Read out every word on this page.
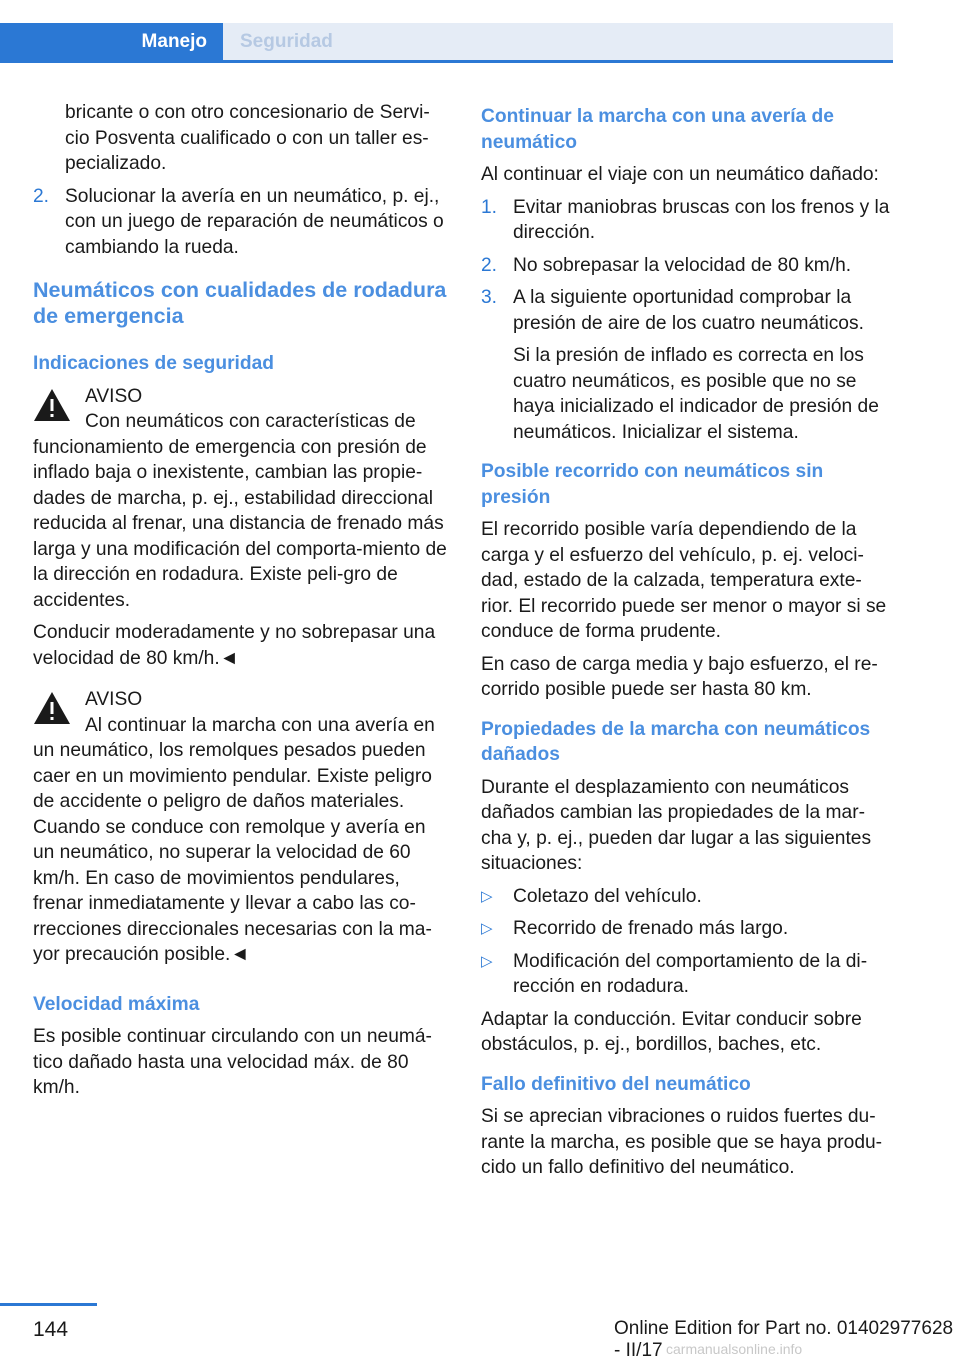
Manejo	Seguridad
bricante o con otro concesionario de Servi-cio Posventa cualificado o con un taller es-pecializado.
2. Solucionar la avería en un neumático, p. ej., con un juego de reparación de neumáticos o cambiando la rueda.
Neumáticos con cualidades de rodadura de emergencia
Indicaciones de seguridad
AVISO
Con neumáticos con características de funcionamiento de emergencia con presión de inflado baja o inexistente, cambian las propie-dades de marcha, p. ej., estabilidad direccional reducida al frenar, una distancia de frenado más larga y una modificación del comporta-miento de la dirección en rodadura. Existe peli-gro de accidentes.
Conducir moderadamente y no sobrepasar una velocidad de 80 km/h.◄
AVISO
Al continuar la marcha con una avería en un neumático, los remolques pesados pueden caer en un movimiento pendular. Existe peligro de accidente o peligro de daños materiales. Cuando se conduce con remolque y avería en un neumático, no superar la velocidad de 60 km/h. En caso de movimientos pendulares, frenar inmediatamente y llevar a cabo las co-rrecciones direccionales necesarias con la ma-yor precaución posible.◄
Velocidad máxima
Es posible continuar circulando con un neumá-tico dañado hasta una velocidad máx. de 80 km/h.
Continuar la marcha con una avería de neumático
Al continuar el viaje con un neumático dañado:
1. Evitar maniobras bruscas con los frenos y la dirección.
2. No sobrepasar la velocidad de 80 km/h.
3. A la siguiente oportunidad comprobar la presión de aire de los cuatro neumáticos.
Si la presión de inflado es correcta en los cuatro neumáticos, es posible que no se haya inicializado el indicador de presión de neumáticos. Inicializar el sistema.
Posible recorrido con neumáticos sin presión
El recorrido posible varía dependiendo de la carga y el esfuerzo del vehículo, p. ej. veloci-dad, estado de la calzada, temperatura exte-rior. El recorrido puede ser menor o mayor si se conduce de forma prudente.
En caso de carga media y bajo esfuerzo, el re-corrido posible puede ser hasta 80 km.
Propiedades de la marcha con neumáticos dañados
Durante el desplazamiento con neumáticos dañados cambian las propiedades de la mar-cha y, p. ej., pueden dar lugar a las siguientes situaciones:
▷ Coletazo del vehículo.
▷ Recorrido de frenado más largo.
▷ Modificación del comportamiento de la di-rección en rodadura.
Adaptar la conducción. Evitar conducir sobre obstáculos, p. ej., bordillos, baches, etc.
Fallo definitivo del neumático
Si se aprecian vibraciones o ruidos fuertes du-rante la marcha, es posible que se haya produ-cido un fallo definitivo del neumático.
144	Online Edition for Part no. 01402977628 - II/17 carmanualsonline.info
